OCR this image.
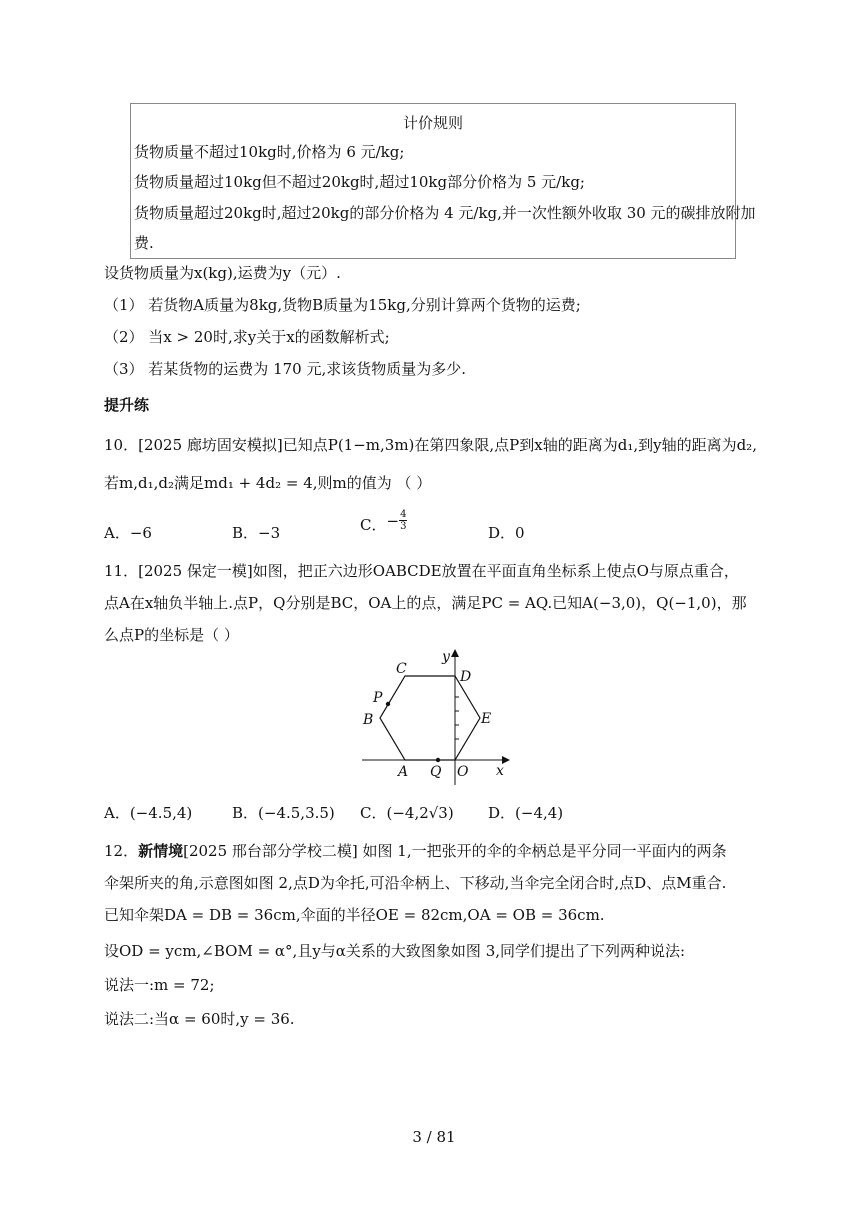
计价规则
货物质量不超过10kg时,价格为 6 元/kg;
货物质量超过10kg但不超过20kg时,超过10kg部分价格为 5 元/kg;
货物质量超过20kg时,超过20kg的部分价格为 4 元/kg,并一次性额外收取 30 元的碳排放附加
费.
设货物质量为x(kg),运费为y（元）.
（1） 若货物A质量为8kg,货物B质量为15kg,分别计算两个货物的运费;
（2） 当x > 20时,求y关于x的函数解析式;
（3） 若某货物的运费为 170 元,求该货物质量为多少.
提升练
10．[2025 廊坊固安模拟]已知点P(1−m,3m)在第四象限,点P到x轴的距离为d₁,到y轴的距离为d₂,
若m,d₁,d₂满足md₁ + 4d₂ = 4,则m的值为 （ ）
A．−6	B．−3	C．− $\frac{4}{3}$
D．0
11．[2025 保定一模]如图，把正六边形OABCDE放置在平面直角坐标系上使点O与原点重合，
点A在x轴负半轴上.点P，Q分别是BC，OA上的点，满足PC = AQ.已知A(−3,0)，Q(−1,0)，那
么点P的坐标是（ ）
C	D
P
B	E
A Q O x
y
A．(−4.5,4)	B．(−4.5,3.5) C．(−4,2√3) D．(−4,4)
12．新情境[2025 邢台部分学校二模] 如图 1,一把张开的伞的伞柄总是平分同一平面内的两条
伞架所夹的角,示意图如图 2,点D为伞托,可沿伞柄上、下移动,当伞完全闭合时,点D、点M重合.
已知伞架DA = DB = 36cm,伞面的半径OE = 82cm,OA = OB = 36cm.
设OD = ycm,∠BOM = α°,且y与α关系的大致图象如图 3,同学们提出了下列两种说法:
说法一:m = 72;
说法二:当α = 60时,y = 36.
3 / 81
